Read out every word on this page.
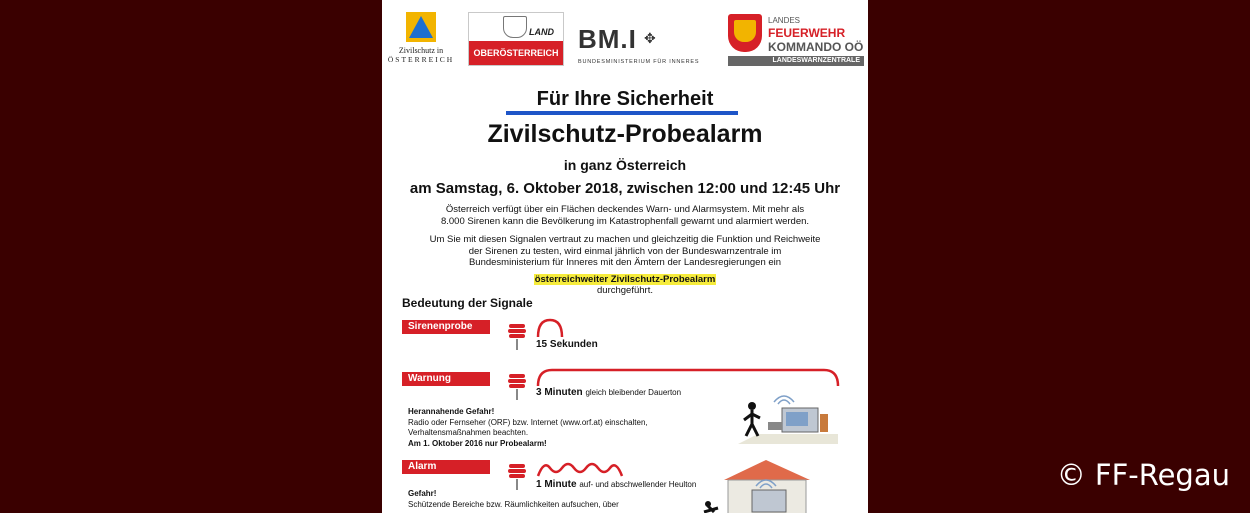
Zivilschutz in
ÖSTERREICH
LAND
OBERÖSTERREICH BM.I ✥
BUNDESMINISTERIUM FÜR INNERES
LANDES
FEUERWEHR
KOMMANDO OÖ
LANDESWARNZENTRALE
Für Ihre Sicherheit
Zivilschutz-Probealarm
in ganz Österreich
am Samstag, 6. Oktober 2018, zwischen 12:00 und 12:45 Uhr
Österreich verfügt über ein Flächen deckendes Warn- und Alarmsystem. Mit mehr als
8.000 Sirenen kann die Bevölkerung im Katastrophenfall gewarnt und alarmiert werden.
Um Sie mit diesen Signalen vertraut zu machen und gleichzeitig die Funktion und Reichweite
der Sirenen zu testen, wird einmal jährlich von der Bundeswarnzentrale im
Bundesministerium für Inneres mit den Ämtern der Landesregierungen ein
österreichweiter Zivilschutz-Probealarm
durchgeführt.
Bedeutung der Signale
Sirenenprobe
15 Sekunden
Warnung
3 Minuten gleich bleibender Dauerton
Herannahende Gefahr!
Radio oder Fernseher (ORF) bzw. Internet (www.orf.at) einschalten,
Verhaltensmaßnahmen beachten.
Am 1. Oktober 2016 nur Probealarm!
Alarm
1 Minute auf- und abschwellender Heulton
Gefahr!
Schützende Bereiche bzw. Räumlichkeiten aufsuchen, über
© FF-Regau
